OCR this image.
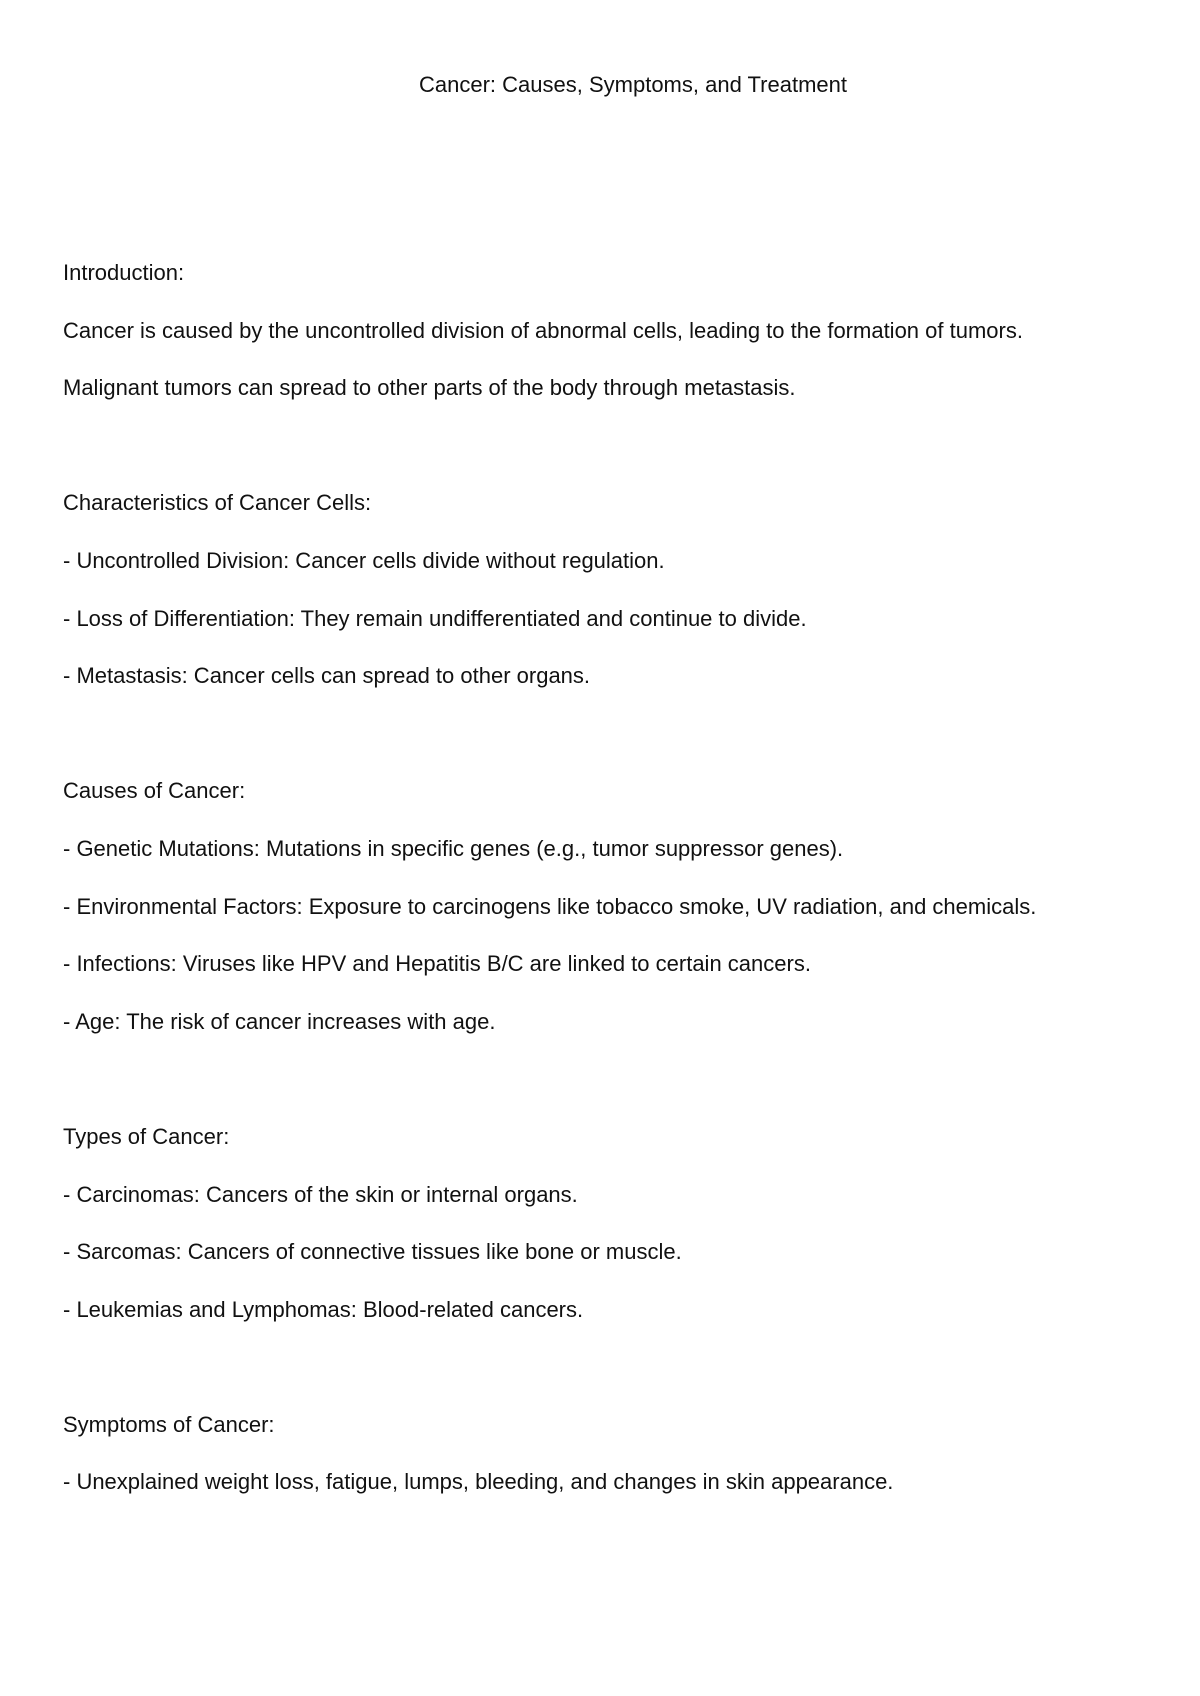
Cancer: Causes, Symptoms, and Treatment
Introduction:
Cancer is caused by the uncontrolled division of abnormal cells, leading to the formation of tumors.
Malignant tumors can spread to other parts of the body through metastasis.
Characteristics of Cancer Cells:
- Uncontrolled Division: Cancer cells divide without regulation.
- Loss of Differentiation: They remain undifferentiated and continue to divide.
- Metastasis: Cancer cells can spread to other organs.
Causes of Cancer:
- Genetic Mutations: Mutations in specific genes (e.g., tumor suppressor genes).
- Environmental Factors: Exposure to carcinogens like tobacco smoke, UV radiation, and chemicals.
- Infections: Viruses like HPV and Hepatitis B/C are linked to certain cancers.
- Age: The risk of cancer increases with age.
Types of Cancer:
- Carcinomas: Cancers of the skin or internal organs.
- Sarcomas: Cancers of connective tissues like bone or muscle.
- Leukemias and Lymphomas: Blood-related cancers.
Symptoms of Cancer:
- Unexplained weight loss, fatigue, lumps, bleeding, and changes in skin appearance.
